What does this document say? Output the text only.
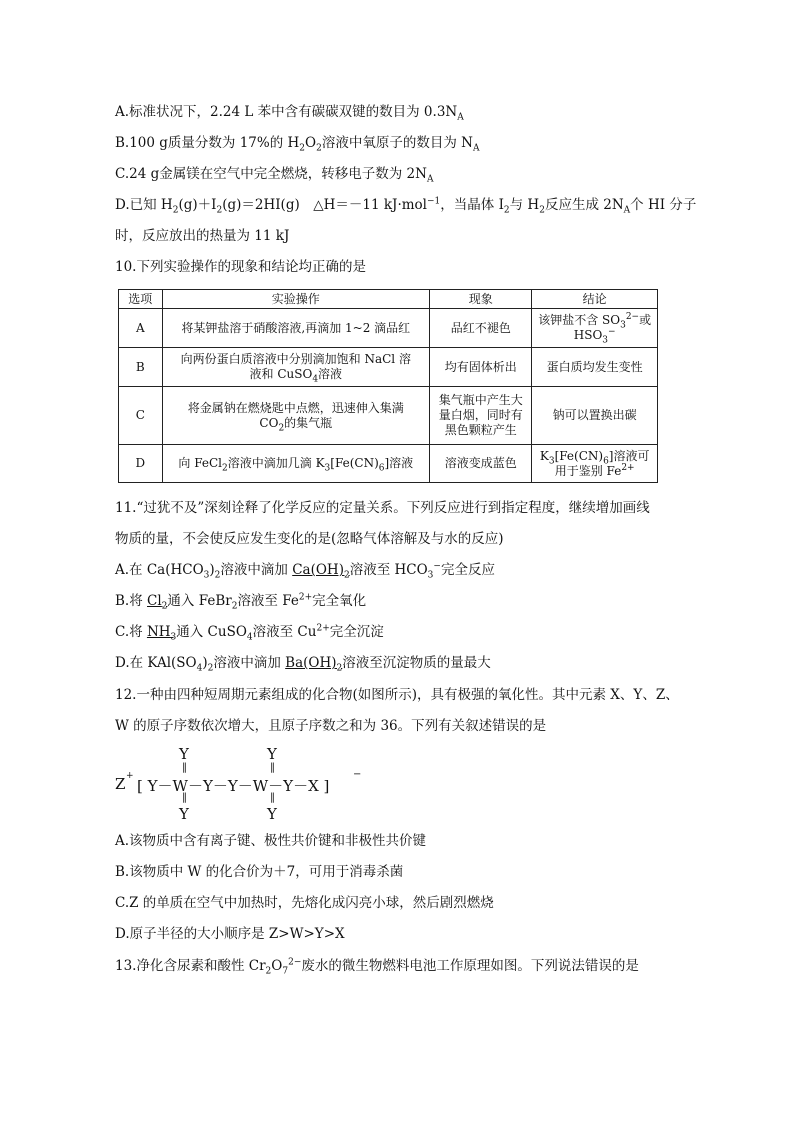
A.标准状况下，2.24 L 苯中含有碳碳双键的数目为 $0.3N_A$
B.100 g质量分数为 17%的 $H_2O_2$溶液中氧原子的数目为 $N_A$
C.24 g金属镁在空气中完全燃烧，转移电子数为 $2N_A$
D.已知 $H_2(g)+I_2(g)=2HI(g)$　△H＝－11 kJ·mol$^{-1}$，当晶体 $I_2$与 $H_2$反应生成 $2N_A$个 HI 分子
时，反应放出的热量为 11 kJ
10.下列实验操作的现象和结论均正确的是
选项	实验操作	现象	结论
A	将某钾盐溶于硝酸溶液,再滴加 1~2 滴品红	品红不褪色	该钾盐不含 $SO_3^{2-}$或
$HSO_3^-$
B	向两份蛋白质溶液中分别滴加饱和 NaCl 溶
液和 CuSO$_4$溶液	均有固体析出	蛋白质均发生变性
C	将金属钠在燃烧匙中点燃，迅速伸入集满
$CO_2$的集气瓶	集气瓶中产生大
量白烟，同时有
黑色颗粒产生	钠可以置换出碳
D	向 FeCl$_2$溶液中滴加几滴 $K_3[Fe(CN)_6]$溶液	溶液变成蓝色	$K_3[Fe(CN)_6]$溶液可
用于鉴别 $Fe^{2+}$
11.“过犹不及”深刻诠释了化学反应的定量关系。下列反应进行到指定程度，继续增加画线
物质的量，不会使反应发生变化的是(忽略气体溶解及与水的反应)
A.在 $Ca(HCO_3)_2$溶液中滴加 $Ca(OH)_2$溶液至 $HCO_3^-$完全反应
B.将 $Cl_2$通入 FeBr$_2$溶液至 $Fe^{2+}$完全氧化
C.将 $NH_3$通入 CuSO$_4$溶液至 $Cu^{2+}$完全沉淀
D.在 $KAl(SO_4)_2$溶液中滴加 $Ba(OH)_2$溶液至沉淀物质的量最大
12.一种由四种短周期元素组成的化合物(如图所示)，具有极强的氧化性。其中元素 X、Y、Z、
W 的原子序数依次增大，且原子序数之和为 36。下列有关叙述错误的是
Y
‖
Y
‖
Z +
[ Y－W－Y－Y－W－Y－X ]
−
‖
Y
‖
Y
A.该物质中含有离子键、极性共价键和非极性共价键
B.该物质中 W 的化合价为＋7，可用于消毒杀菌
C.Z 的单质在空气中加热时，先熔化成闪亮小球，然后剧烈燃烧
D.原子半径的大小顺序是 Z>W>Y>X
13.净化含尿素和酸性 $Cr_2O_7^{2-}$废水的微生物燃料电池工作原理如图。下列说法错误的是
